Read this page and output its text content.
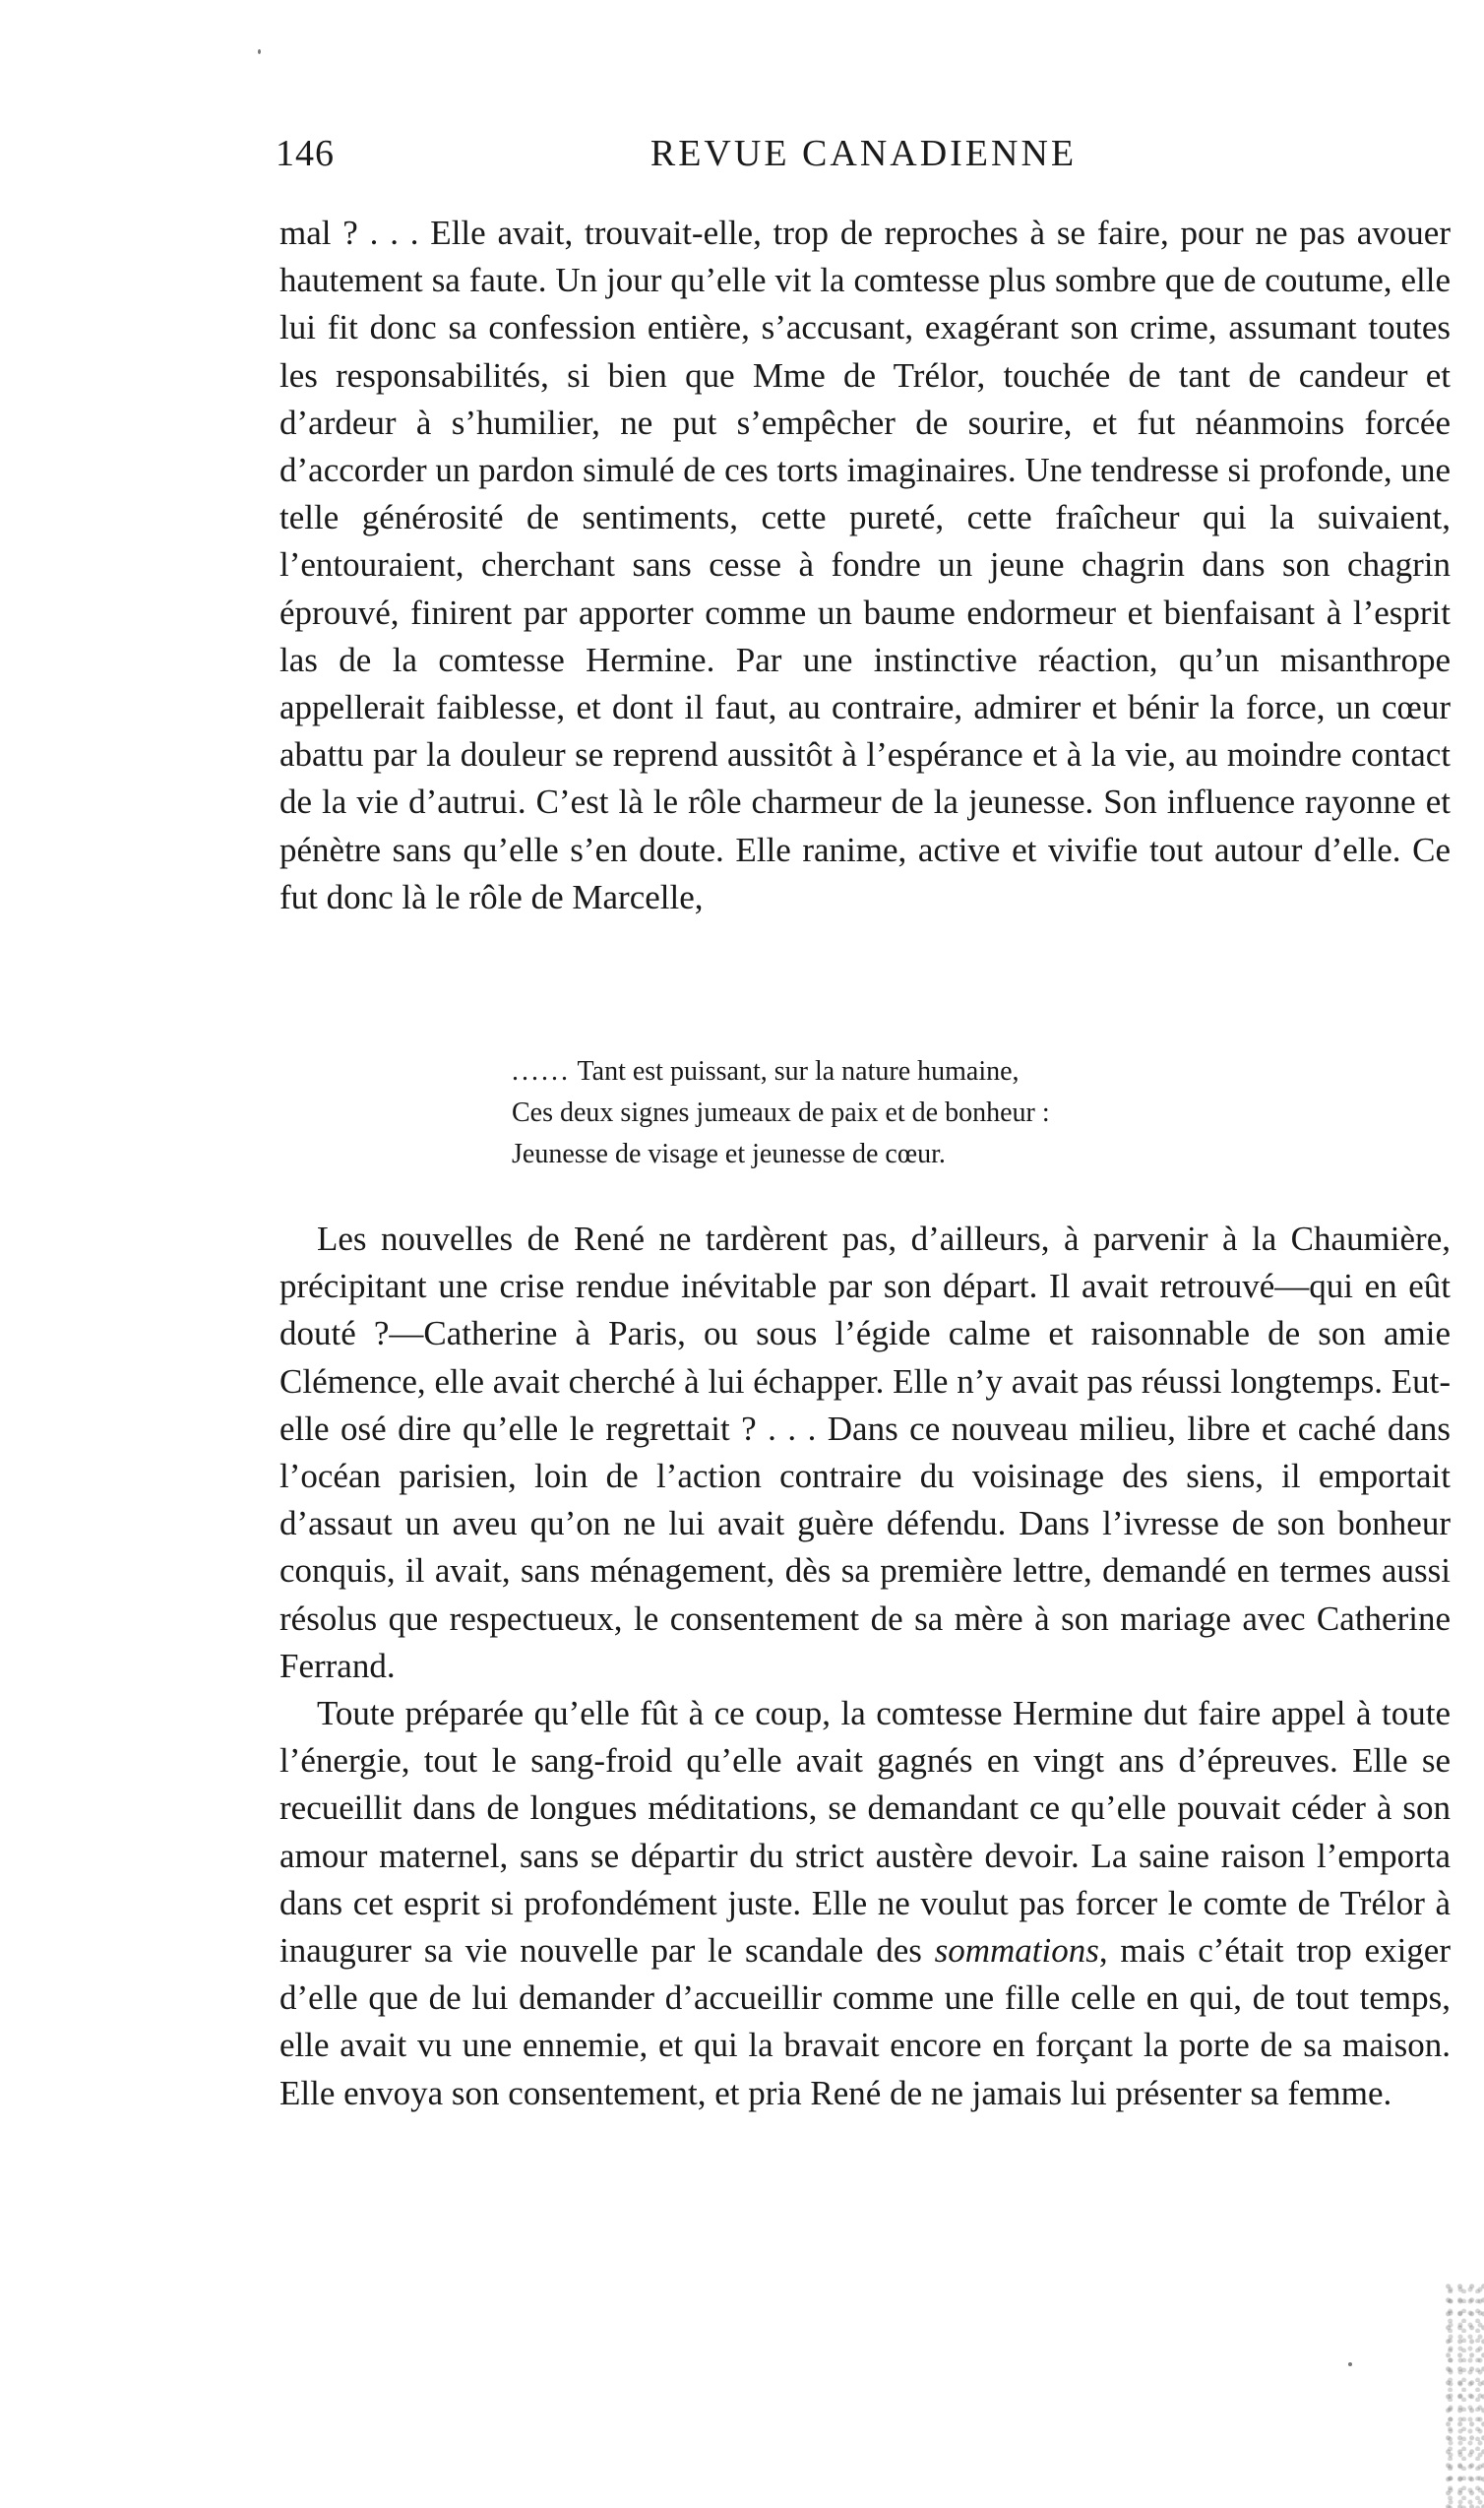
146	REVUE CANADIENNE

mal ? . . . Elle avait, trouvait-elle, trop de reproches à se faire, pour ne pas avouer hautement sa faute. Un jour qu’elle vit la comtesse plus sombre que de coutume, elle lui fit donc sa confession entière, s’accusant, exagérant son crime, assumant toutes les responsabilités, si bien que Mme de Trélor, touchée de tant de candeur et d’ardeur à s’humilier, ne put s’empêcher de sourire, et fut néanmoins forcée d’accorder un pardon simulé de ces torts imaginaires. Une tendresse si profonde, une telle générosité de sentiments, cette pureté, cette fraîcheur qui la suivaient, l’entouraient, cherchant sans cesse à fondre un jeune chagrin dans son chagrin éprouvé, finirent par apporter comme un baume endormeur et bienfaisant à l’esprit las de la comtesse Hermine. Par une instinctive réaction, qu’un misanthrope appellerait faiblesse, et dont il faut, au contraire, admirer et bénir la force, un cœur abattu par la douleur se reprend aussitôt à l’espérance et à la vie, au moindre contact de la vie d’autrui. C’est là le rôle charmeur de la jeunesse. Son influence rayonne et pénètre sans qu’elle s’en doute. Elle ranime, active et vivifie tout autour d’elle. Ce fut donc là le rôle de Marcelle,

...... Tant est puissant, sur la nature humaine,
Ces deux signes jumeaux de paix et de bonheur :
Jeunesse de visage et jeunesse de cœur.

Les nouvelles de René ne tardèrent pas, d’ailleurs, à parvenir à la Chaumière, précipitant une crise rendue inévitable par son départ. Il avait retrouvé—qui en eût douté ?—Catherine à Paris, ou sous l’égide calme et raisonnable de son amie Clémence, elle avait cherché à lui échapper. Elle n’y avait pas réussi longtemps. Eut-elle osé dire qu’elle le regrettait ? . . . Dans ce nouveau milieu, libre et caché dans l’océan parisien, loin de l’action contraire du voisinage des siens, il emportait d’assaut un aveu qu’on ne lui avait guère défendu. Dans l’ivresse de son bonheur conquis, il avait, sans ménagement, dès sa première lettre, demandé en termes aussi résolus que respectueux, le consentement de sa mère à son mariage avec Catherine Ferrand.

Toute préparée qu’elle fût à ce coup, la comtesse Hermine dut faire appel à toute l’énergie, tout le sang-froid qu’elle avait gagnés en vingt ans d’épreuves. Elle se recueillit dans de longues méditations, se demandant ce qu’elle pouvait céder à son amour maternel, sans se départir du strict austère devoir. La saine raison l’emporta dans cet esprit si profondément juste. Elle ne voulut pas forcer le comte de Trélor à inaugurer sa vie nouvelle par le scandale des sommations, mais c’était trop exiger d’elle que de lui demander d’accueillir comme une fille celle en qui, de tout temps, elle avait vu une ennemie, et qui la bravait encore en forçant la porte de sa maison. Elle envoya son consentement, et pria René de ne jamais lui présenter sa femme.
